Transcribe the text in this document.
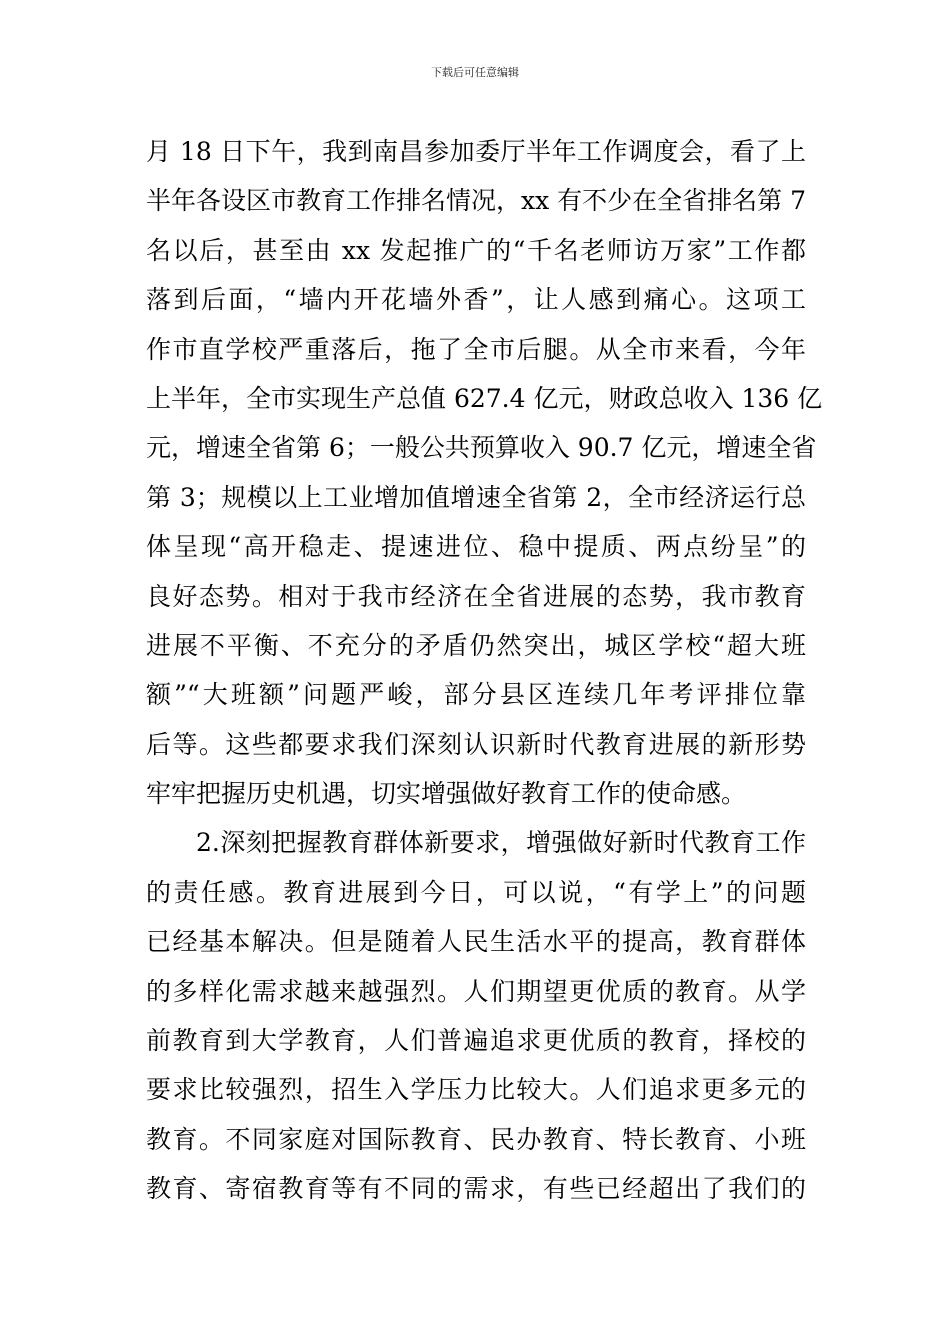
下载后可任意编辑
月 18 日下午，我到南昌参加委厅半年工作调度会，看了上
半年各设区市教育工作排名情况，xx 有不少在全省排名第 7
名以后，甚至由 xx 发起推广的“千名老师访万家”工作都
落到后面，“墙内开花墙外香”，让人感到痛心。这项工
作市直学校严重落后，拖了全市后腿。从全市来看，今年
上半年，全市实现生产总值 627.4 亿元，财政总收入 136 亿
元，增速全省第 6；一般公共预算收入 90.7 亿元，增速全省
第 3；规模以上工业增加值增速全省第 2，全市经济运行总
体呈现“高开稳走、提速进位、稳中提质、两点纷呈”的
良好态势。相对于我市经济在全省进展的态势，我市教育
进展不平衡、不充分的矛盾仍然突出，城区学校“超大班
额”“大班额”问题严峻，部分县区连续几年考评排位靠
后等。这些都要求我们深刻认识新时代教育进展的新形势
牢牢把握历史机遇，切实增强做好教育工作的使命感。
2.深刻把握教育群体新要求，增强做好新时代教育工作
的责任感。教育进展到今日，可以说，“有学上”的问题
已经基本解决。但是随着人民生活水平的提高，教育群体
的多样化需求越来越强烈。人们期望更优质的教育。从学
前教育到大学教育，人们普遍追求更优质的教育，择校的
要求比较强烈，招生入学压力比较大。人们追求更多元的
教育。不同家庭对国际教育、民办教育、特长教育、小班
教育、寄宿教育等有不同的需求，有些已经超出了我们的
